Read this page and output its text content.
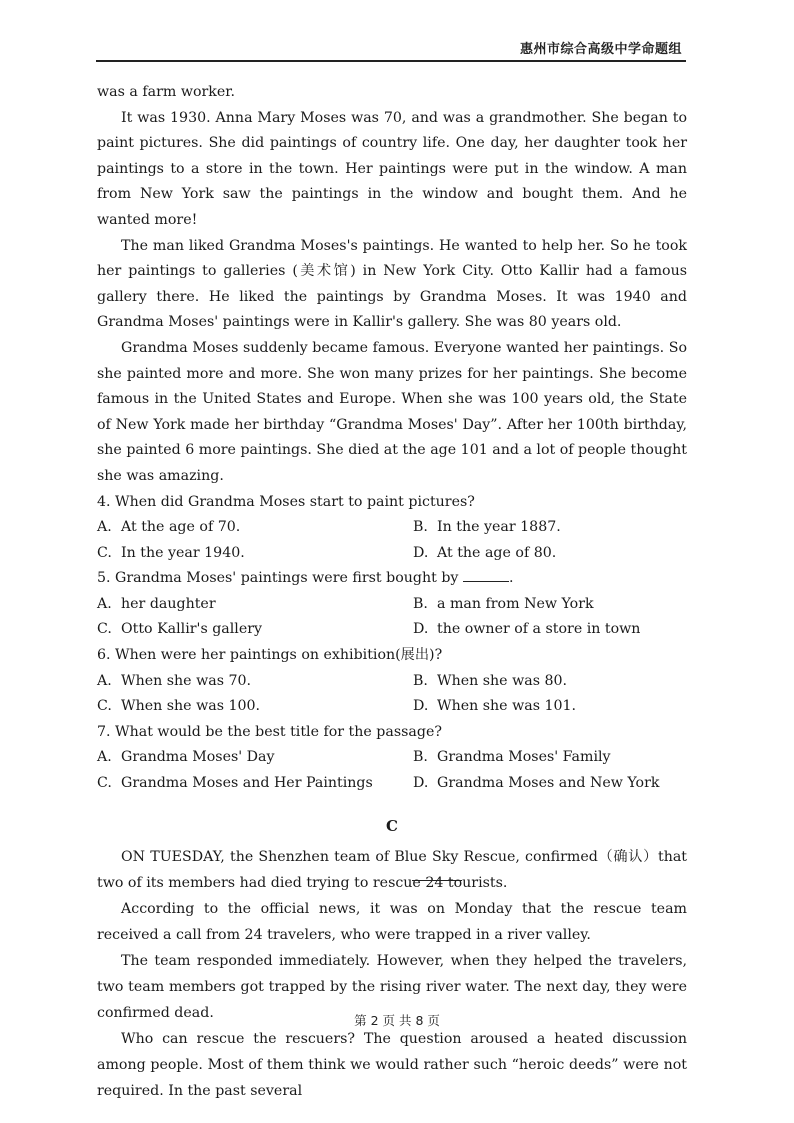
惠州市综合高级中学命题组

was a farm worker.

It was 1930. Anna Mary Moses was 70, and was a grandmother. She began to paint pictures. She did paintings of country life. One day, her daughter took her paintings to a store in the town. Her paintings were put in the window. A man from New York saw the paintings in the window and bought them. And he wanted more!

The man liked Grandma Moses's paintings. He wanted to help her. So he took her paintings to galleries (美术馆) in New York City. Otto Kallir had a famous gallery there. He liked the paintings by Grandma Moses. It was 1940 and Grandma Moses' paintings were in Kallir's gallery. She was 80 years old.

Grandma Moses suddenly became famous. Everyone wanted her paintings. So she painted more and more. She won many prizes for her paintings. She become famous in the United States and Europe. When she was 100 years old, the State of New York made her birthday “Grandma Moses' Day”. After her 100th birthday, she painted 6 more paintings. She died at the age 101 and a lot of people thought she was amazing.

4. When did Grandma Moses start to paint pictures?
A. At the age of 70.	B. In the year 1887.
C. In the year 1940.	D. At the age of 80.
5. Grandma Moses' paintings were first bought by	.
A. her daughter	B. a man from New York
C. Otto Kallir's gallery	D. the owner of a store in town
6. When were her paintings on exhibition(展出)?
A. When she was 70.	B. When she was 80.
C. When she was 100.	D. When she was 101.
7. What would be the best title for the passage?
A. Grandma Moses' Day	B. Grandma Moses' Family
C. Grandma Moses and Her Paintings	D. Grandma Moses and New York
C

ON TUESDAY, the Shenzhen team of Blue Sky Rescue, confirmed（确认）that two of its members had died trying to rescue 24 tourists.

According to the official news, it was on Monday that the rescue team received a call from 24 travelers, who were trapped in a river valley.

The team responded immediately. However, when they helped the travelers, two team members got trapped by the rising river water. The next day, they were confirmed dead.

Who can rescue the rescuers? The question aroused a heated discussion among people. Most of them think we would rather such “heroic deeds” were not required. In the past several

第 2 页 共 8 页
